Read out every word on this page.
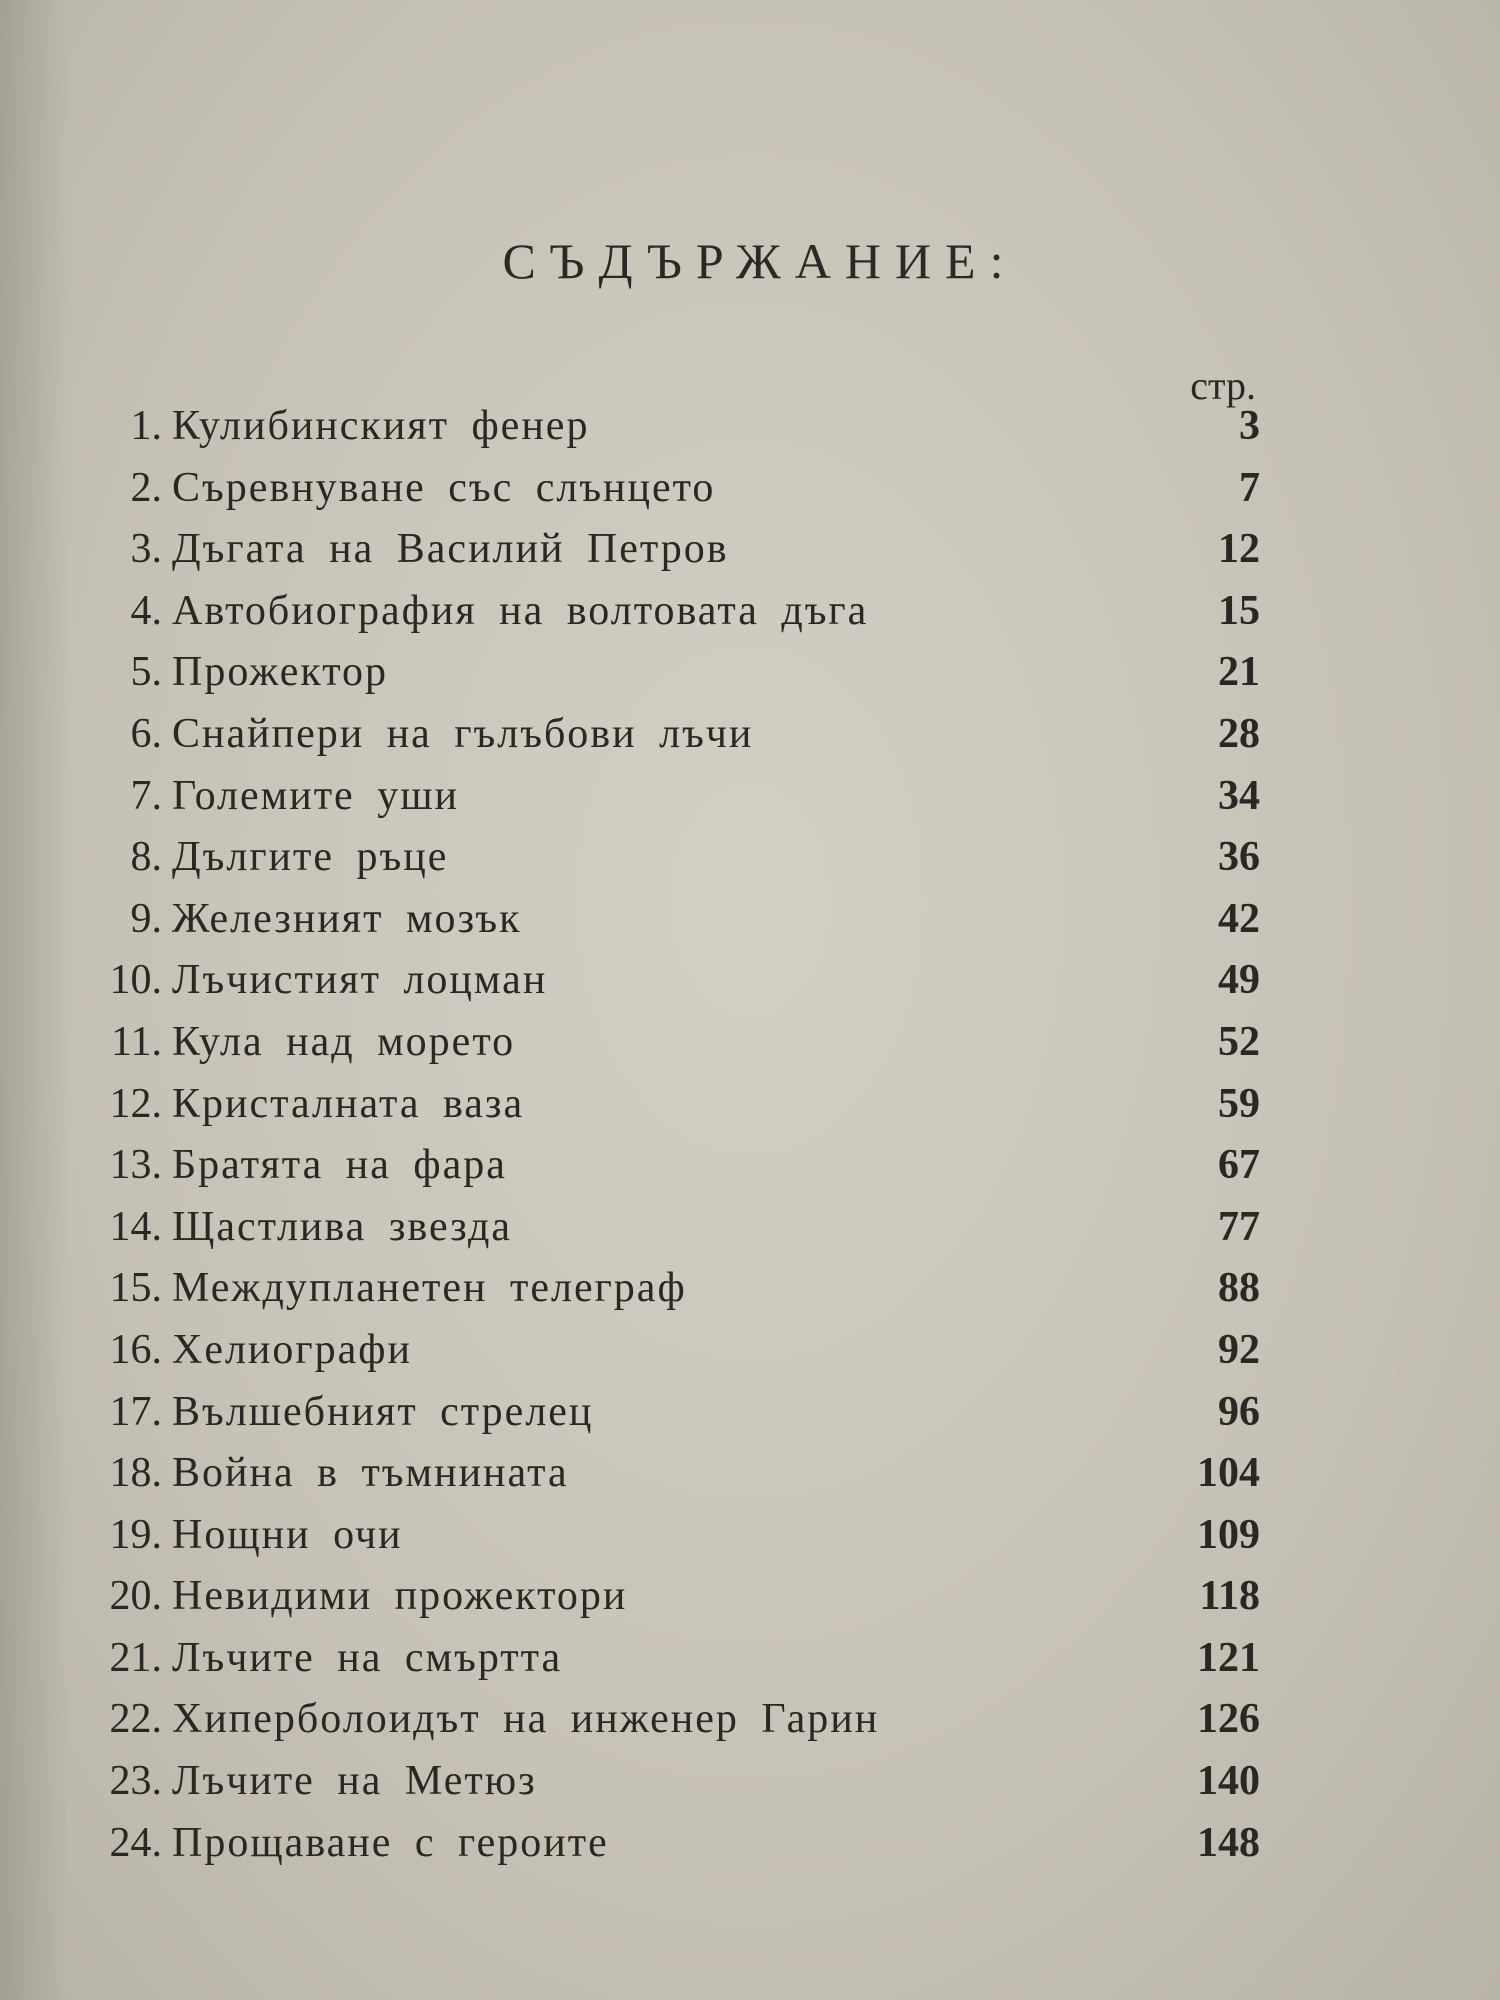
СЪДЪРЖАНИЕ:
стр.
1. Кулибинският фенер	3
2. Съревнуване със слънцето	7
3. Дъгата на Василий Петров	12
4. Автобиография на волтовата дъга	15
5. Прожектор	21
6. Снайпери на гълъбови лъчи	28
7. Големите уши	34
8. Дългите ръце	36
9. Железният мозък	42
10. Лъчистият лоцман	49
11. Кула над морето	52
12. Кристалната ваза	59
13. Братята на фара	67
14. Щастлива звезда	77
15. Междупланетен телеграф	88
16. Хелиографи	92
17. Вълшебният стрелец	96
18. Война в тъмнината	104
19. Нощни очи	109
20. Невидими прожектори	118
21. Лъчите на смъртта	121
22. Хиперболоидът на инженер Гарин	126
23. Лъчите на Метюз	140
24. Прощаване с героите	148
